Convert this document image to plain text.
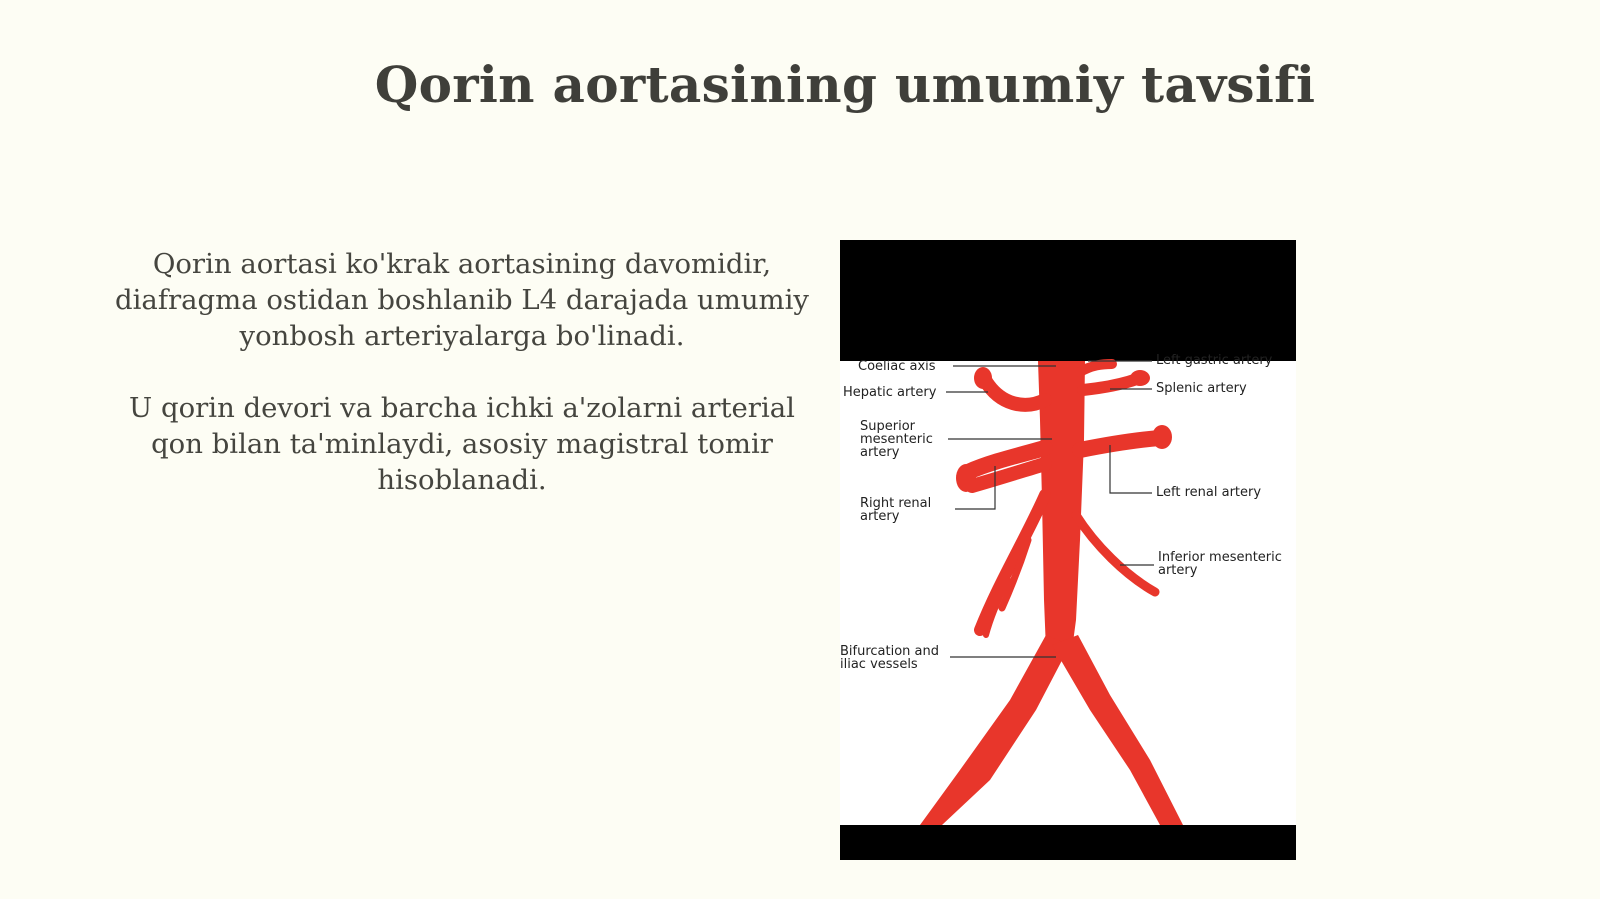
Qorin aortasining umumiy tavsifi

Qorin aortasi ko'krak aortasining davomidir, diafragma ostidan boshlanib L4 darajada umumiy yonbosh arteriyalarga bo'linadi.

U qorin devori va barcha ichki a'zolarni arterial qon bilan ta'minlaydi, asosiy magistral tomir hisoblanadi.

Coeliac axis
Hepatic artery
Superior
mesenteric
artery
Right renal
artery
Bifurcation and
iliac vessels
Left gastric artery
Splenic artery
Left renal artery
Inferior mesenteric
artery
